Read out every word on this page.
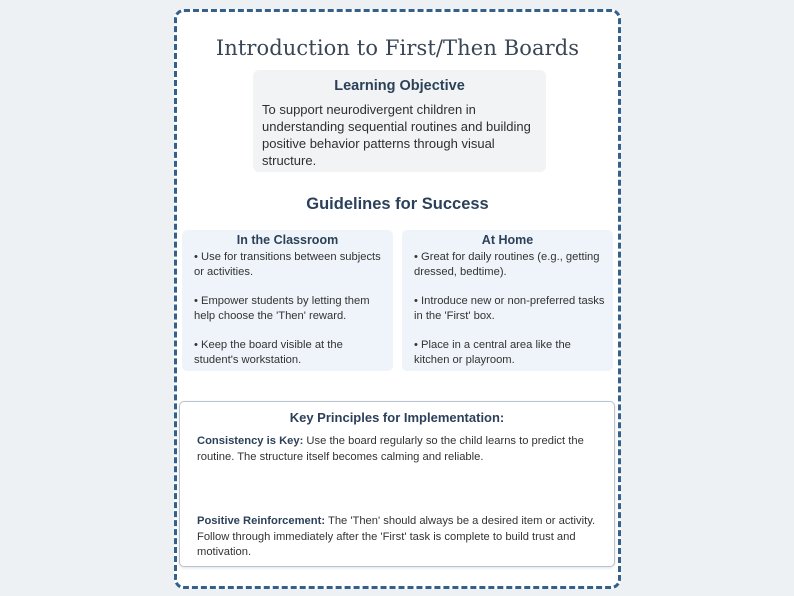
Introduction to First/Then Boards
Learning Objective
To support neurodivergent children in understanding sequential routines and building positive behavior patterns through visual structure.
Guidelines for Success
In the Classroom
• Use for transitions between subjects or activities.
• Empower students by letting them help choose the 'Then' reward.
• Keep the board visible at the student's workstation.
At Home
• Great for daily routines (e.g., getting dressed, bedtime).
• Introduce new or non-preferred tasks in the 'First' box.
• Place in a central area like the kitchen or playroom.
Key Principles for Implementation:
Consistency is Key: Use the board regularly so the child learns to predict the routine. The structure itself becomes calming and reliable.
Positive Reinforcement: The 'Then' should always be a desired item or activity. Follow through immediately after the 'First' task is complete to build trust and motivation.
